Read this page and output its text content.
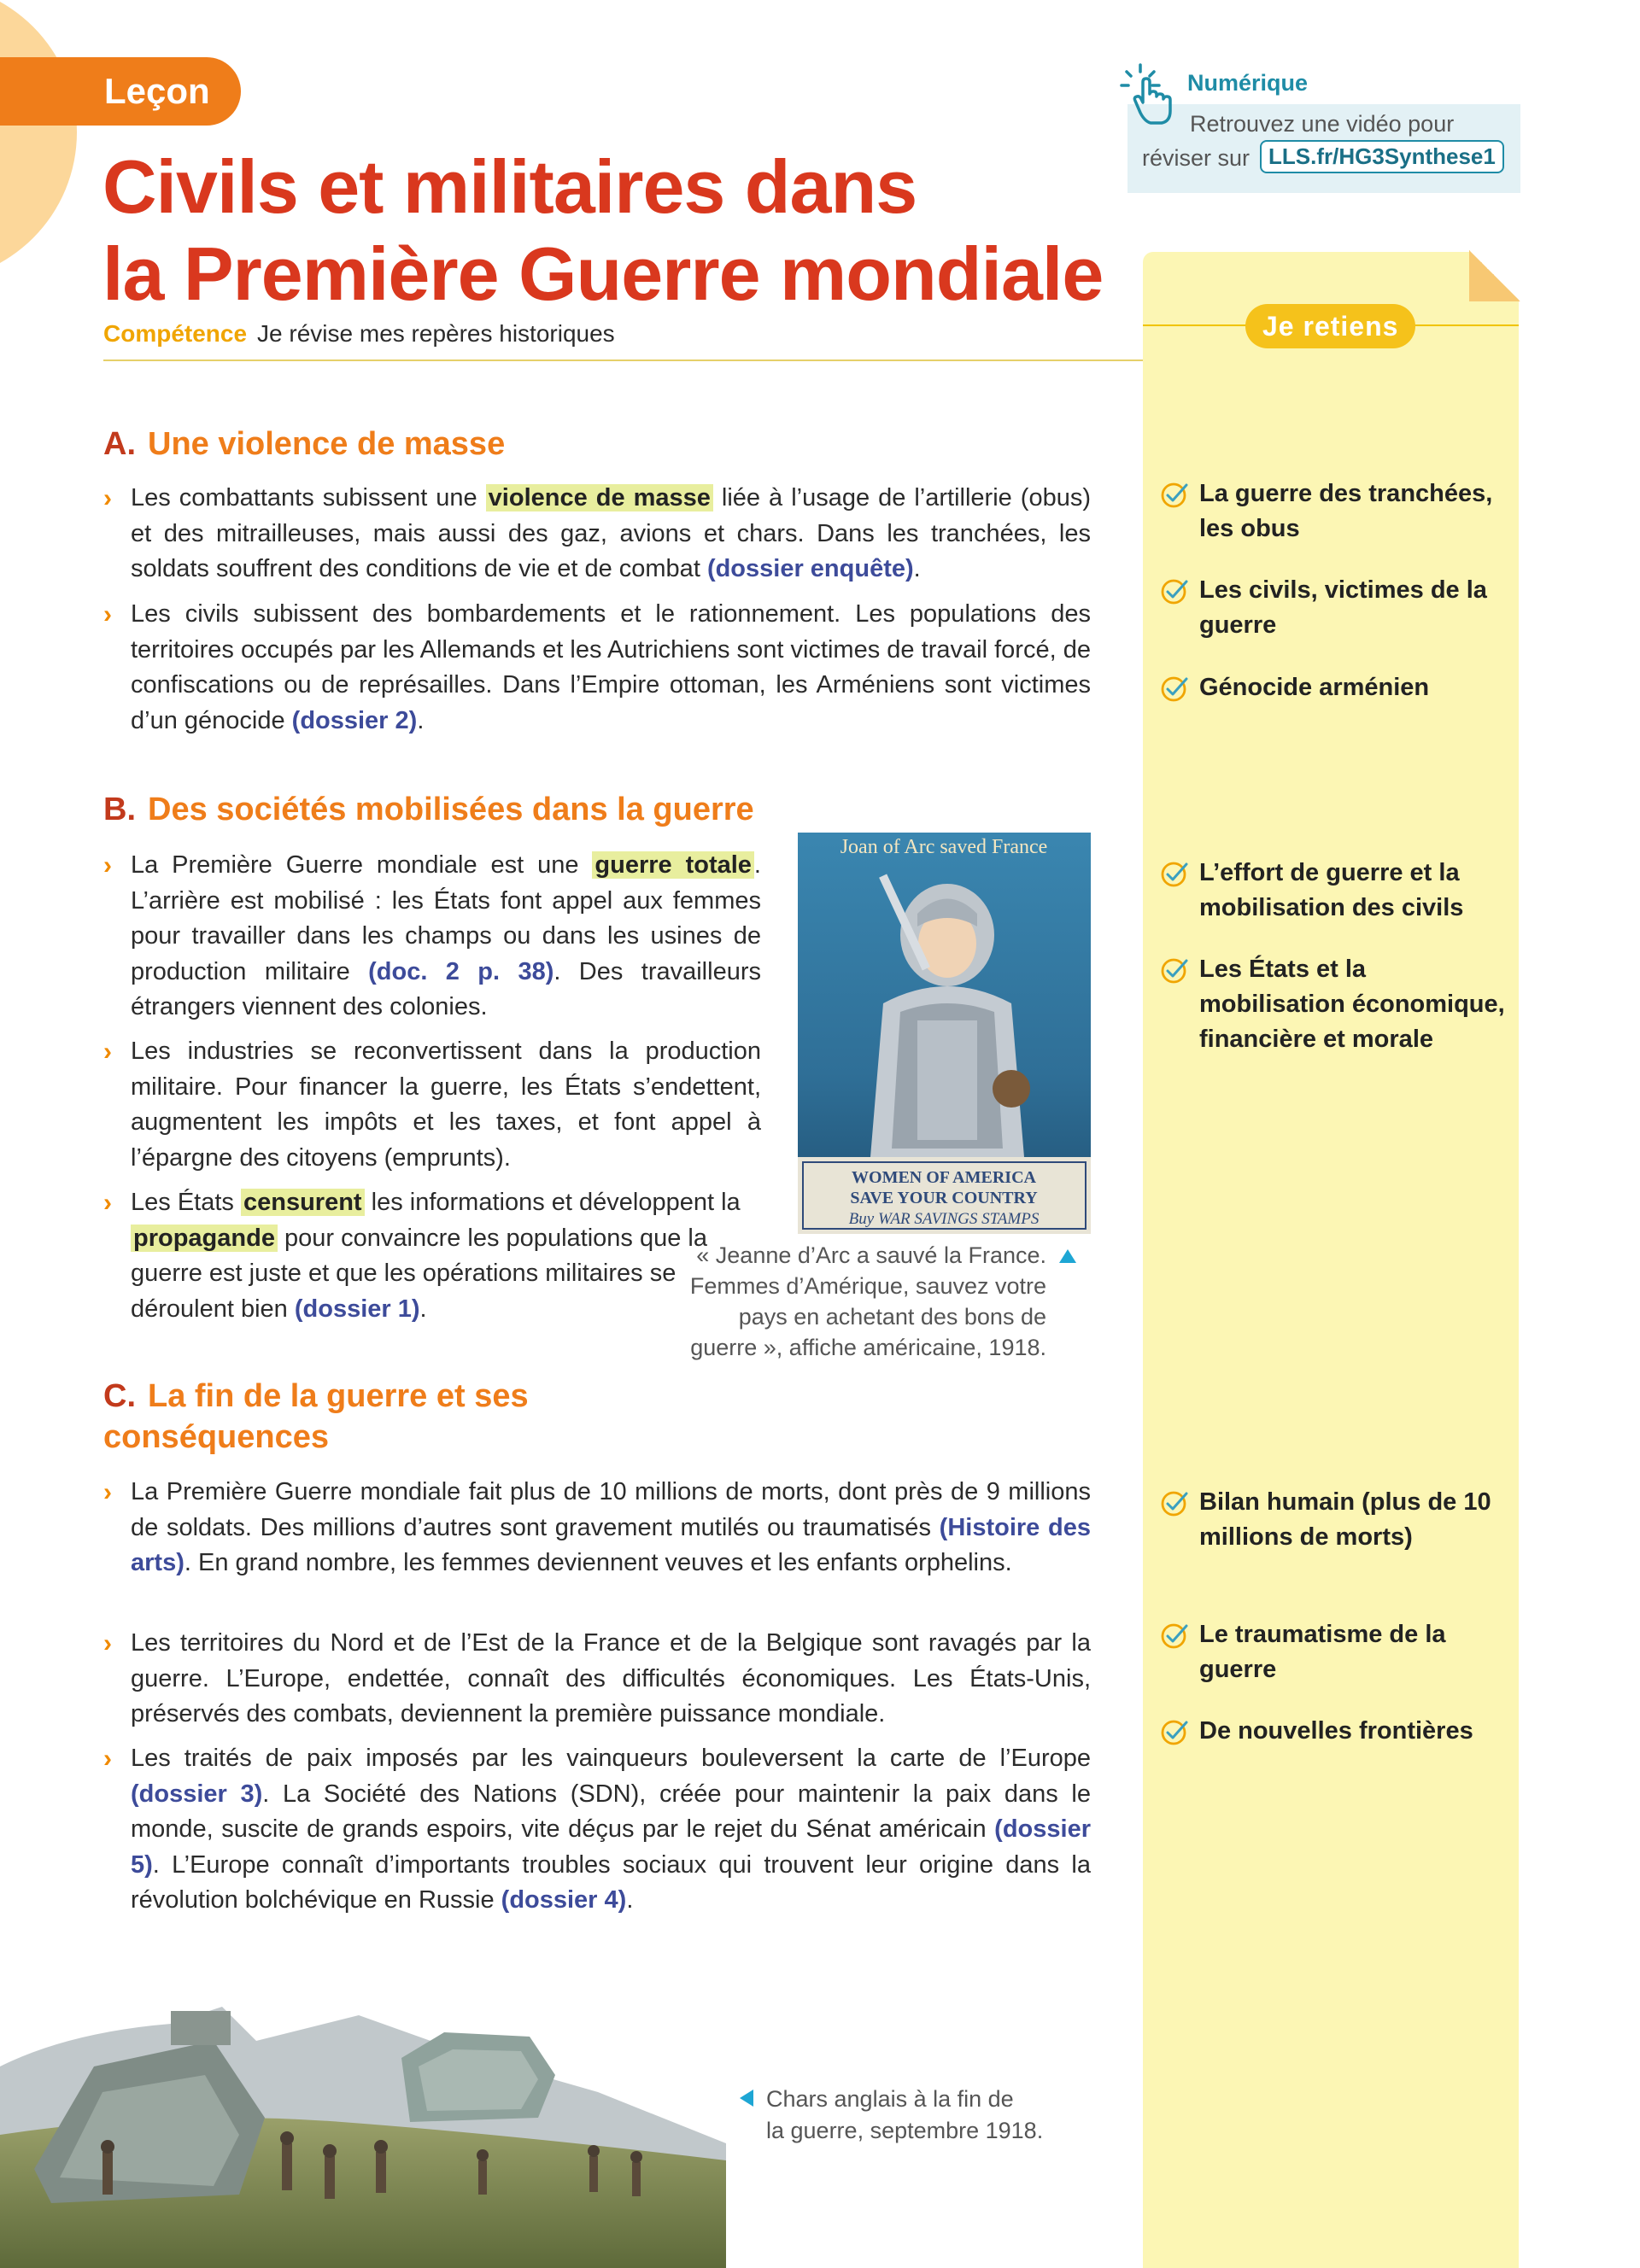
Leçon
Civils et militaires dans
la Première Guerre mondiale
Compétence Je révise mes repères historiques
Numérique
Retrouvez une vidéo pour
réviser sur LLS.fr/HG3Synthese1
Je retiens
La guerre des tranchées, les obus
Les civils, victimes de la guerre
Génocide arménien
L’effort de guerre et la mobilisation des civils
Les États et la mobilisation économique, financière et morale
Bilan humain (plus de 10 millions de morts)
Le traumatisme de la guerre
De nouvelles frontières
A. Une violence de masse
› Les combattants subissent une violence de masse liée à l’usage de l’artillerie (obus) et des mitrailleuses, mais aussi des gaz, avions et chars. Dans les tranchées, les soldats souffrent des conditions de vie et de combat (dossier enquête).
› Les civils subissent des bombardements et le rationnement. Les populations des territoires occupés par les Allemands et les Autrichiens sont victimes de travail forcé, de confiscations ou de représailles. Dans l’Empire ottoman, les Arméniens sont victimes d’un génocide (dossier 2).
B. Des sociétés mobilisées dans la guerre
› La Première Guerre mondiale est une guerre totale . L’arrière est mobilisé : les États font appel aux femmes pour travailler dans les champs ou dans les usines de production militaire (doc. 2 p. 38). Des travailleurs étrangers viennent des colonies.
› Les industries se reconvertissent dans la production militaire. Pour financer la guerre, les États s’endettent, augmentent les impôts et les taxes, et font appel à l’épargne des citoyens (emprunts).
› Les États censurent les informations et développent la propagande pour convaincre les populations que la guerre est juste et que les opérations militaires se déroulent bien (dossier 1).
Joan of Arc saved France
WOMEN OF AMERICA
SAVE YOUR COUNTRY
Buy WAR SAVINGS STAMPS
« Jeanne d’Arc a sauvé la France. Femmes d’Amérique, sauvez votre pays en achetant des bons de guerre », affiche américaine, 1918.
C. La fin de la guerre et ses
conséquences
› La Première Guerre mondiale fait plus de 10 millions de morts, dont près de 9 millions de soldats. Des millions d’autres sont gravement mutilés ou traumatisés (Histoire des arts). En grand nombre, les femmes deviennent veuves et les enfants orphelins.
› Les territoires du Nord et de l’Est de la France et de la Belgique sont ravagés par la guerre. L’Europe, endettée, connaît des difficultés économiques. Les États-Unis, préservés des combats, deviennent la première puissance mondiale.
› Les traités de paix imposés par les vainqueurs bouleversent la carte de l’Europe (dossier 3). La Société des Nations (SDN), créée pour maintenir la paix dans le monde, suscite de grands espoirs, vite déçus par le rejet du Sénat américain (dossier 5). L’Europe connaît d’importants troubles sociaux qui trouvent leur origine dans la révolution bolchévique en Russie (dossier 4).
Chars anglais à la fin de
la guerre, septembre 1918.
